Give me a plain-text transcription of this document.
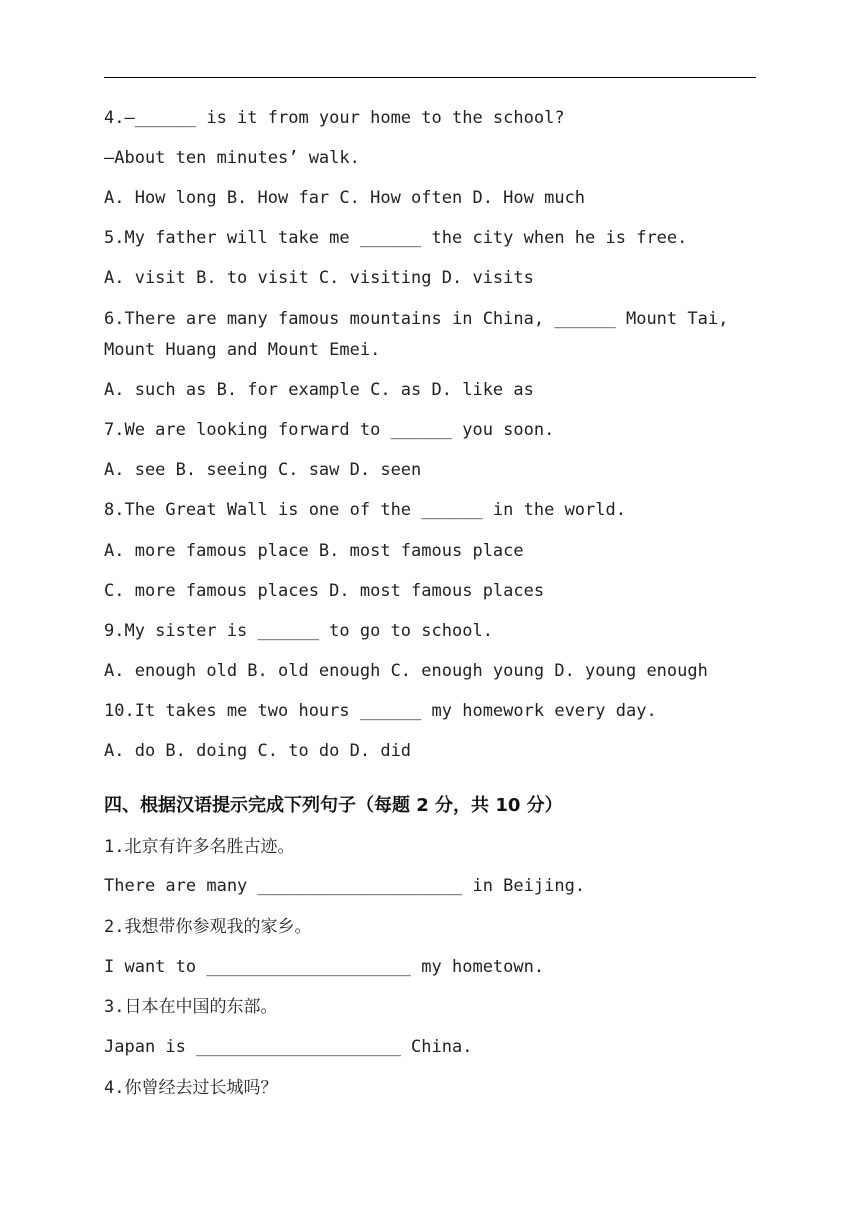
4.—______ is it from your home to the school?
—About ten minutes’ walk.
A. How long B. How far C. How often D. How much
5.My father will take me ______ the city when he is free.
A. visit B. to visit C. visiting D. visits
6.There are many famous mountains in China, ______ Mount Tai,
Mount Huang and Mount Emei.
A. such as B. for example C. as D. like as
7.We are looking forward to ______ you soon.
A. see B. seeing C. saw D. seen
8.The Great Wall is one of the ______ in the world.
A. more famous place B. most famous place
C. more famous places D. most famous places
9.My sister is ______ to go to school.
A. enough old B. old enough C. enough young D. young enough
10.It takes me two hours ______ my homework every day.
A. do B. doing C. to do D. did
四、根据汉语提示完成下列句子（每题 2 分，共 10 分）
1.北京有许多名胜古迹。
There are many ____________________ in Beijing.
2.我想带你参观我的家乡。
I want to ____________________ my hometown.
3.日本在中国的东部。
Japan is ____________________ China.
4.你曾经去过长城吗？
